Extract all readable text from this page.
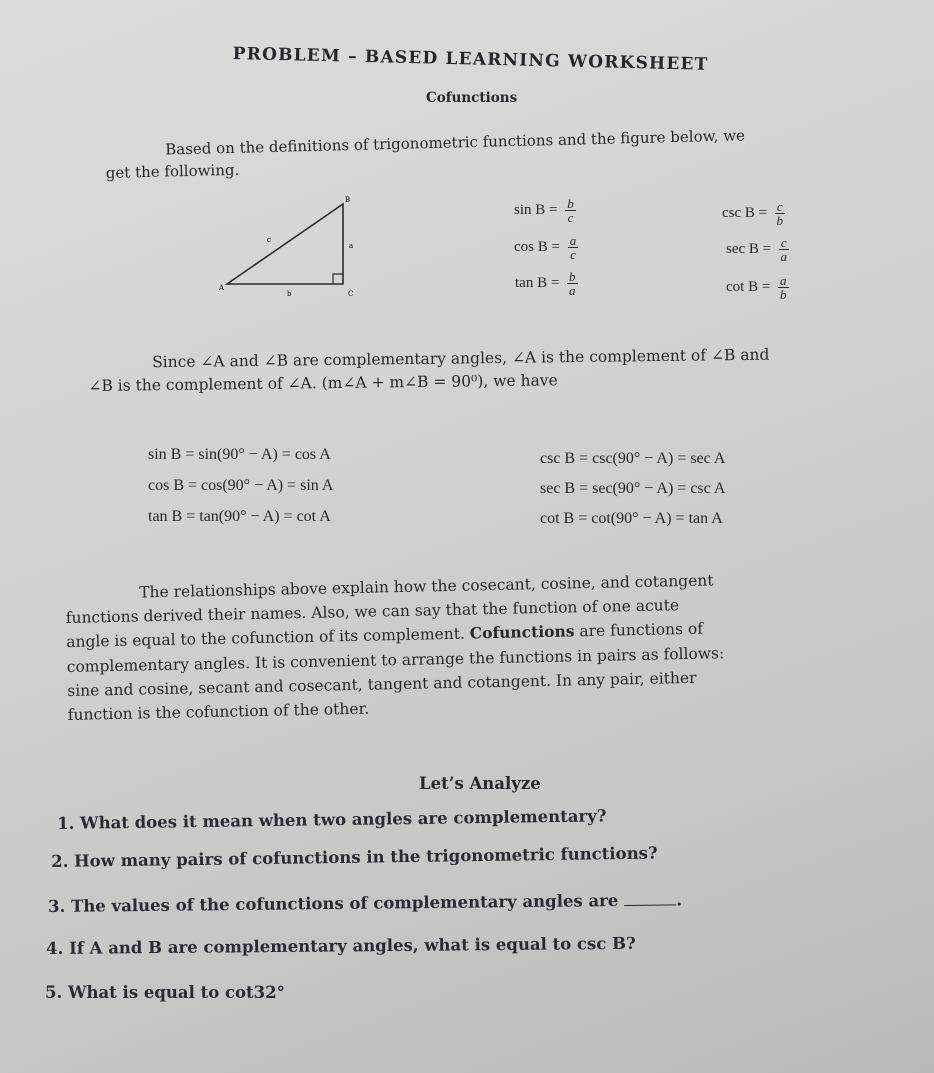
PROBLEM – BASED LEARNING WORKSHEET
Cofunctions

Based on the definitions of trigonometric functions and the figure below, we

get the following.

B
c
a
A
b	C
$\sin B = \frac{b}{c}$
$\cos B = \frac{a}{c}$
$\tan B = \frac{b}{a}$
$\csc B = \frac{c}{b}$
$\sec B = \frac{c}{a}$
$\cot B = \frac{a}{b}$

Since ∠A and ∠B are complementary angles, ∠A is the complement of ∠B and

∠B is the complement of ∠A. (m∠A + m∠B = 90⁰), we have

sin B = sin(90° − A) = cos A
cos B = cos(90° − A) = sin A
tan B = tan(90° − A) = cot A
csc B = csc(90° − A) = sec A
sec B = sec(90° − A) = csc A
cot B = cot(90° − A) = tan A

The relationships above explain how the cosecant, cosine, and cotangent

functions derived their names. Also, we can say that the function of one acute

angle is equal to the cofunction of its complement. Cofunctions are functions of

complementary angles. It is convenient to arrange the functions in pairs as follows:

sine and cosine, secant and cosecant, tangent and cotangent. In any pair, either

function is the cofunction of the other.

Let’s Analyze
1. What does it mean when two angles are complementary?
2. How many pairs of cofunctions in the trigonometric functions?
3. The values of the cofunctions of complementary angles are	.
4. If A and B are complementary angles, what is equal to csc B?
5. What is equal to cot32°
